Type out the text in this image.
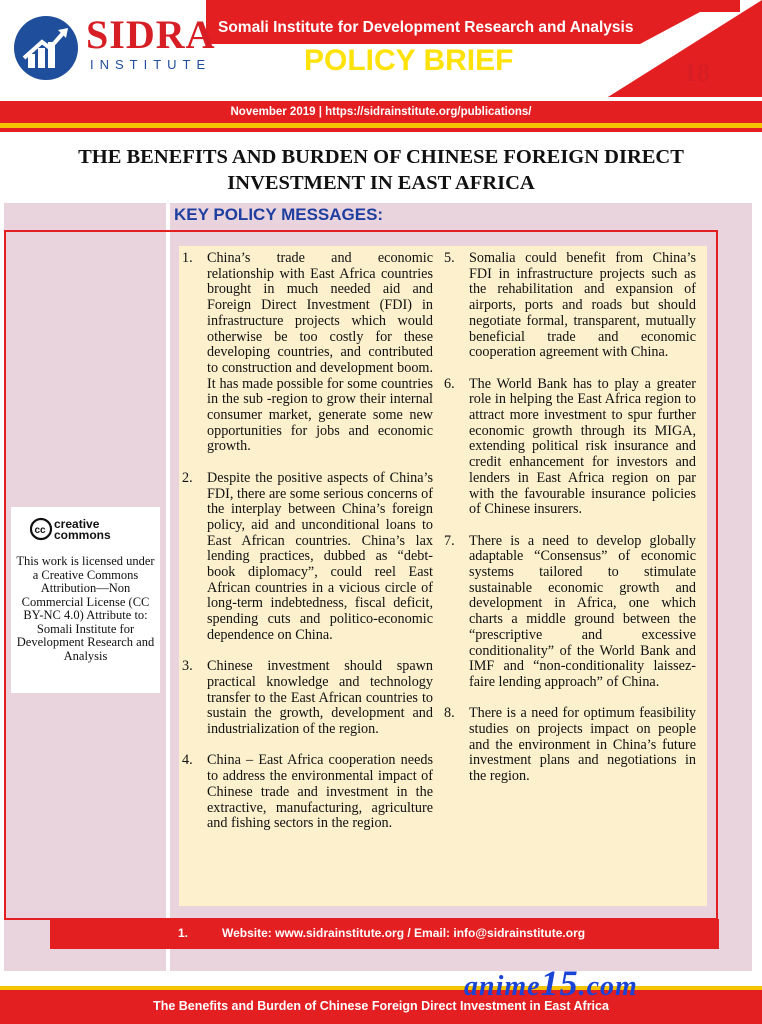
SIDRA
INSTITUTE
Somali Institute for Development Research and Analysis
POLICY BRIEF	18
November 2019 | https://sidrainstitute.org/publications/
THE BENEFITS AND BURDEN OF CHINESE FOREIGN DIRECT
INVESTMENT IN EAST AFRICA
KEY POLICY MESSAGES:
1.	China’s trade and economic relationship with East Africa countries brought in much needed aid and Foreign Direct Investment (FDI) in infrastructure projects which would otherwise be too costly for these developing countries, and contributed to construction and development boom. It has made possible for some countries in the sub -region to grow their internal consumer market, generate some new opportunities for jobs and economic growth.
2.	Despite the positive aspects of China’s FDI, there are some serious concerns of the interplay between China’s foreign policy, aid and unconditional loans to East African countries. China’s lax lending practices, dubbed as “debt-book diplomacy”, could reel East African countries in a vicious circle of long-term indebtedness, fiscal deficit, spending cuts and politico-economic dependence on China.
3.	Chinese investment should spawn practical knowledge and technology transfer to the East African countries to sustain the growth, development and industrialization of the region.
4.	China – East Africa cooperation needs to address the environmental impact of Chinese trade and investment in the extractive, manufacturing, agriculture and fishing sectors in the region.
5.	Somalia could benefit from China’s FDI in infrastructure projects such as the rehabilitation and expansion of airports, ports and roads but should negotiate formal, transparent, mutually beneficial trade and economic cooperation agreement with China.
6.	The World Bank has to play a greater role in helping the East Africa region to attract more investment to spur further economic growth through its MIGA, extending political risk insurance and credit enhancement for investors and lenders in East Africa region on par with the favourable insurance policies of Chinese insurers.
7.	There is a need to develop globally adaptable “Consensus” of economic systems tailored to stimulate sustainable economic growth and development in Africa, one which charts a middle ground between the “prescriptive and excessive conditionality” of the World Bank and IMF and “non-conditionality laissez-faire lending approach” of China.
8.	There is a need for optimum feasibility studies on projects impact on people and the environment in China’s future investment plans and negotiations in the region.
cc creative
commons
This work is licensed under a Creative Commons Attribution—Non Commercial License (CC BY-NC 4.0) Attribute to: Somali Institute for Development Research and Analysis
1.	Website: www.sidrainstitute.org / Email: info@sidrainstitute.org
The Benefits and Burden of Chinese Foreign Direct Investment in East Africa
anime15.com
